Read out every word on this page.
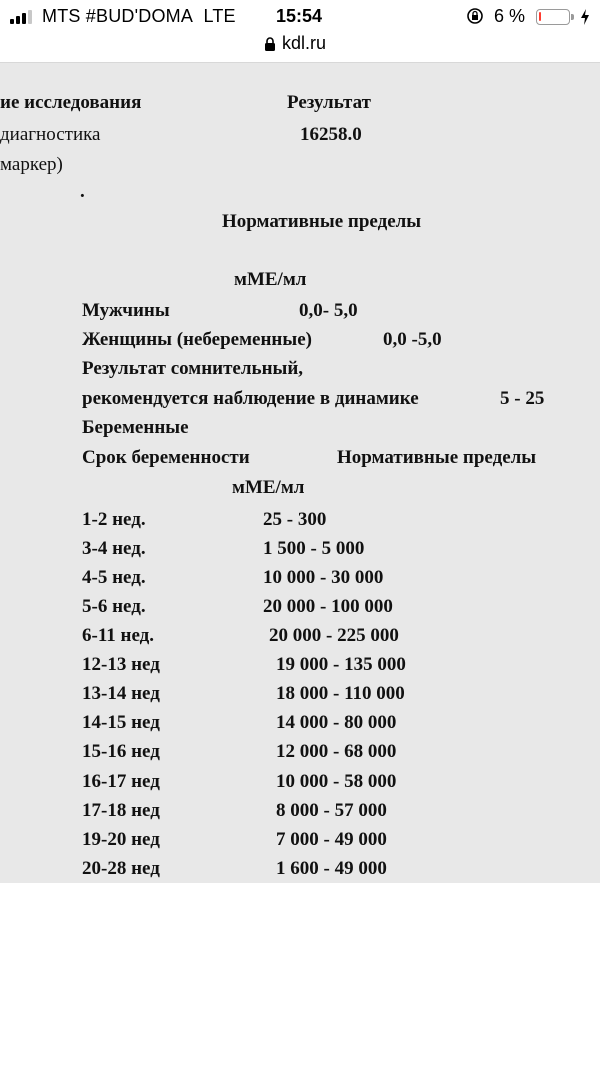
MTS #BUD'DOMA LTE 15:54	6 %
kdl.ru
ие исследования	Результат
диагностика	16258.0
маркер)
.
Нормативные пределы
мМЕ/мл
Мужчины	0,0- 5,0
Женщины (небеременные)	0,0 -5,0
Результат сомнительный,
рекомендуется наблюдение в динамике	5 - 25
Беременные
Срок беременности	Нормативные пределы
мМЕ/мл
1-2 нед.	25 - 300
3-4 нед.	1 500 - 5 000
4-5 нед.	10 000 - 30 000
5-6 нед.	20 000 - 100 000
6-11 нед.	20 000 - 225 000
12-13 нед	19 000 - 135 000
13-14 нед	18 000 - 110 000
14-15 нед	14 000 - 80 000
15-16 нед	12 000 - 68 000
16-17 нед	10 000 - 58 000
17-18 нед	8 000 - 57 000
19-20 нед	7 000 - 49 000
20-28 нед	1 600 - 49 000
